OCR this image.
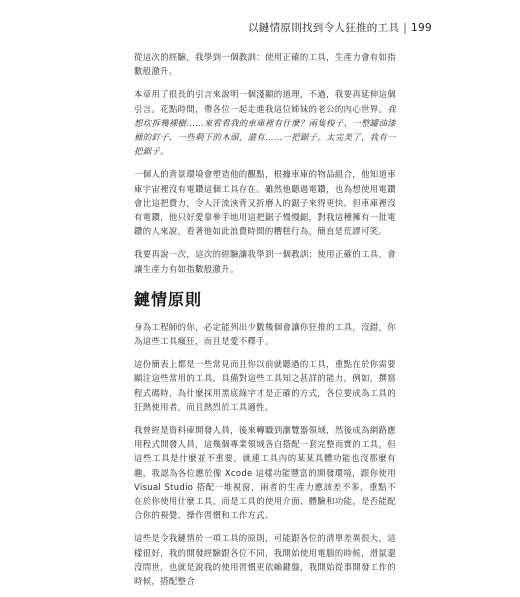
以鏈情原則找到令人狂推的工具 | 199

從這次的經驗，我學到一個教訓：使用正確的工具，生產力會有如指數般激升。

本章用了很長的引言來說明一個淺顯的道理，不過，我要再延伸這個引言。花點時間，帶各位一起走進我這位姊妹的老公的內心世界。我想坎拆幾裸樹……來看看我的車庫裡有什麼？兩隻梭子、一整罐油漆桶的釘子、一些剩下的木頭，還有……一把鋸子。太完美了，我有一把鋸子。

一個人的背景環境會塑造他的觀點，根據車庫的物品組合，他知道車庫宇宙裡沒有電鑽這個工具存在。雖然他聽過電鑽，也為想使用電鑽會比這把費力，令人汗流浹背又折磨人的鋸子來得更快。但車庫裡沒有電鑽，他只好愛靠參手地用這把鋸子慢慢鋸，對我這種擁有一批電鑽的人來說，看著他如此浪費時間的糟糕行為，簡直是荒謬可笑。

我要再說一次，這次的經驗讓我學到一個教訓：使用正確的工具，會讓生產力有如指數般激升。

鏈情原則

身為工程師的你，必定能列出少數幾個會讓你狂推的工具，沒錯，你為這些工具瘋狂，而且是愛不釋手。

這份簡表上都是一些常見而且你以前就聽過的工具，重點在於你需要顯注這些常用的工具，具備對這些工具知之甚詳的能力，例如，撰寫程式碼時，為什麼採用黑底綠字才是正確的方式，各位要成為工具的狂熱使用者，而且熱烈於工具適性。

我曾經是資料庫開發人員，後來轉職到瀏覽器領域，然後成為網路應用程式開發人員，這幾個專業領域各自搭配一套完整而實的工具，但這些工具是什麼並不重要，就連工具內的某某具體功能也沒那麼有趣，我認為各位應於像 Xcode 這樣功能豐富的開發環境，跟你使用 Visual Studio 搭配一堆視窗，兩者的生產力應該差不多，重點不在於你使用什麼工具，而是工具的使用介面、體驗和功能，是否能配合你的視覺、操作習慣和工作方式。

這些是令我鏈情於一項工具的原則，可能跟各位的清單差異很大，這樣很好，我的開發經驗跟各位不同，我開始使用電腦的時候，滑鼠還沒問世，也就是說我的使用習慣更依賴鍵盤，我開始從事開發工作的時候，搭配整合
